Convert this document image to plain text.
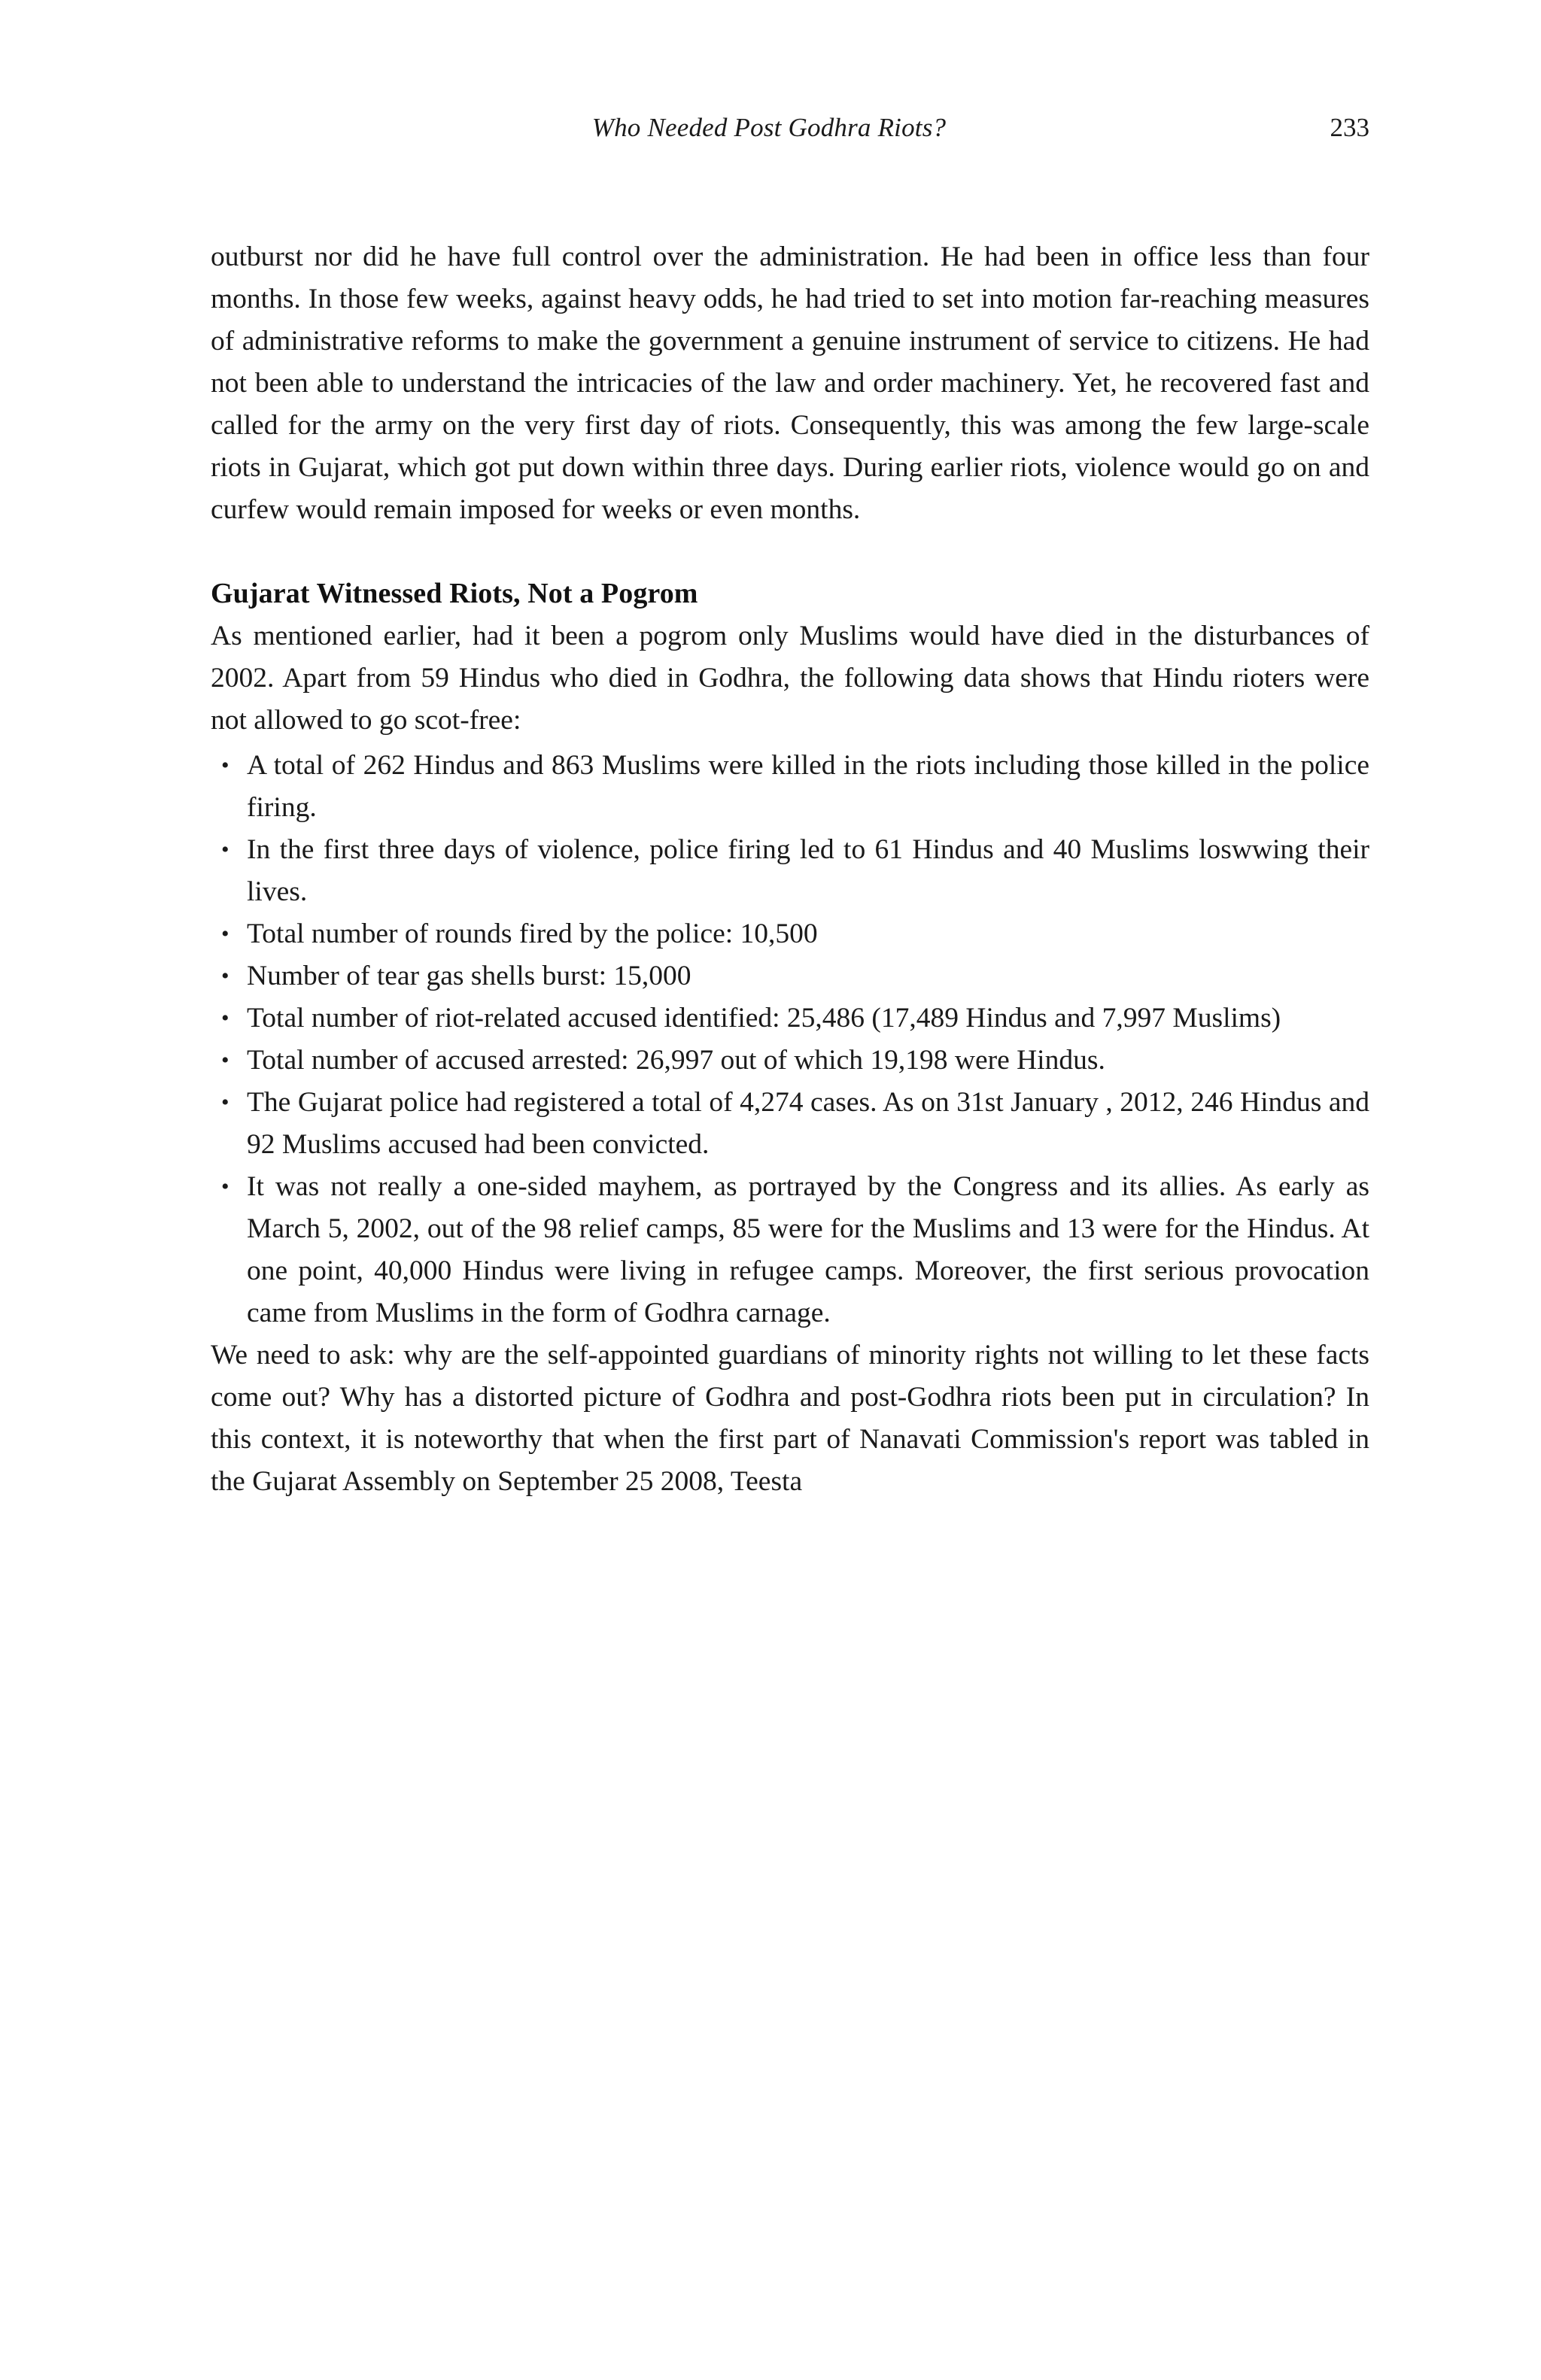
Who Needed Post Godhra Riots?	233

outburst nor did he have full control over the administration. He had been in office less than four months. In those few weeks, against heavy odds, he had tried to set into motion far-reaching measures of administrative reforms to make the government a genuine instrument of service to citizens. He had not been able to understand the intricacies of the law and order machinery. Yet, he recovered fast and called for the army on the very first day of riots. Consequently, this was among the few large-scale riots in Gujarat, which got put down within three days. During earlier riots, violence would go on and curfew would remain imposed for weeks or even months.

Gujarat Witnessed Riots, Not a Pogrom

As mentioned earlier, had it been a pogrom only Muslims would have died in the disturbances of 2002. Apart from 59 Hindus who died in Godhra, the following data shows that Hindu rioters were not allowed to go scot-free:

• A total of 262 Hindus and 863 Muslims were killed in the riots including those killed in the police firing.
• In the first three days of violence, police firing led to 61 Hindus and 40 Muslims loswwing their lives.
• Total number of rounds fired by the police: 10,500
• Number of tear gas shells burst: 15,000
• Total number of riot-related accused identified: 25,486 (17,489 Hindus and 7,997 Muslims)
• Total number of accused arrested: 26,997 out of which 19,198 were Hindus.
• The Gujarat police had registered a total of 4,274 cases. As on 31st January , 2012, 246 Hindus and 92 Muslims accused had been convicted.
• It was not really a one-sided mayhem, as portrayed by the Congress and its allies. As early as March 5, 2002, out of the 98 relief camps, 85 were for the Muslims and 13 were for the Hindus. At one point, 40,000 Hindus were living in refugee camps. Moreover, the first serious provocation came from Muslims in the form of Godhra carnage.

We need to ask: why are the self-appointed guardians of minority rights not willing to let these facts come out? Why has a distorted picture of Godhra and post-Godhra riots been put in circulation? In this context, it is noteworthy that when the first part of Nanavati Commission's report was tabled in the Gujarat Assembly on September 25 2008, Teesta
